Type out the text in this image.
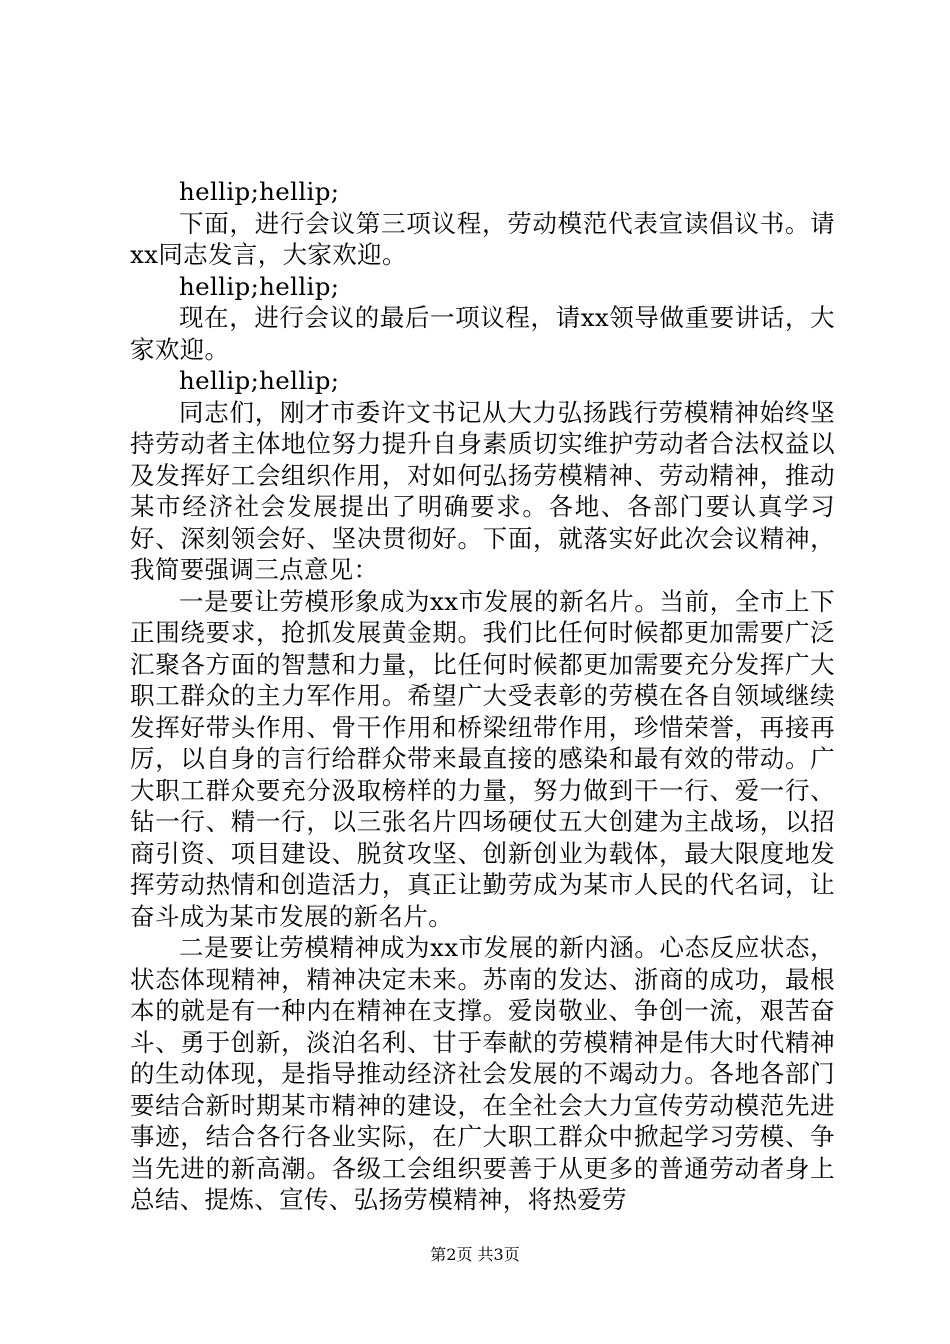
hellip;hellip;

下面，进行会议第三项议程，劳动模范代表宣读倡议书。请xx同志发言，大家欢迎。

hellip;hellip;

现在，进行会议的最后一项议程，请xx领导做重要讲话，大家欢迎。

hellip;hellip;

同志们，刚才市委许文书记从大力弘扬践行劳模精神始终坚持劳动者主体地位努力提升自身素质切实维护劳动者合法权益以及发挥好工会组织作用，对如何弘扬劳模精神、劳动精神，推动某市经济社会发展提出了明确要求。各地、各部门要认真学习好、深刻领会好、坚决贯彻好。下面，就落实好此次会议精神，我简要强调三点意见：

一是要让劳模形象成为xx市发展的新名片。当前，全市上下正围绕要求，抢抓发展黄金期。我们比任何时候都更加需要广泛汇聚各方面的智慧和力量，比任何时候都更加需要充分发挥广大职工群众的主力军作用。希望广大受表彰的劳模在各自领域继续发挥好带头作用、骨干作用和桥梁纽带作用，珍惜荣誉，再接再厉，以自身的言行给群众带来最直接的感染和最有效的带动。广大职工群众要充分汲取榜样的力量，努力做到干一行、爱一行、钻一行、精一行，以三张名片四场硬仗五大创建为主战场，以招商引资、项目建设、脱贫攻坚、创新创业为载体，最大限度地发挥劳动热情和创造活力，真正让勤劳成为某市人民的代名词，让奋斗成为某市发展的新名片。

二是要让劳模精神成为xx市发展的新内涵。心态反应状态，状态体现精神，精神决定未来。苏南的发达、浙商的成功，最根本的就是有一种内在精神在支撑。爱岗敬业、争创一流，艰苦奋斗、勇于创新，淡泊名利、甘于奉献的劳模精神是伟大时代精神的生动体现，是指导推动经济社会发展的不竭动力。各地各部门要结合新时期某市精神的建设，在全社会大力宣传劳动模范先进事迹，结合各行各业实际，在广大职工群众中掀起学习劳模、争当先进的新高潮。各级工会组织要善于从更多的普通劳动者身上总结、提炼、宣传、弘扬劳模精神，将热爱劳

第2页 共3页
